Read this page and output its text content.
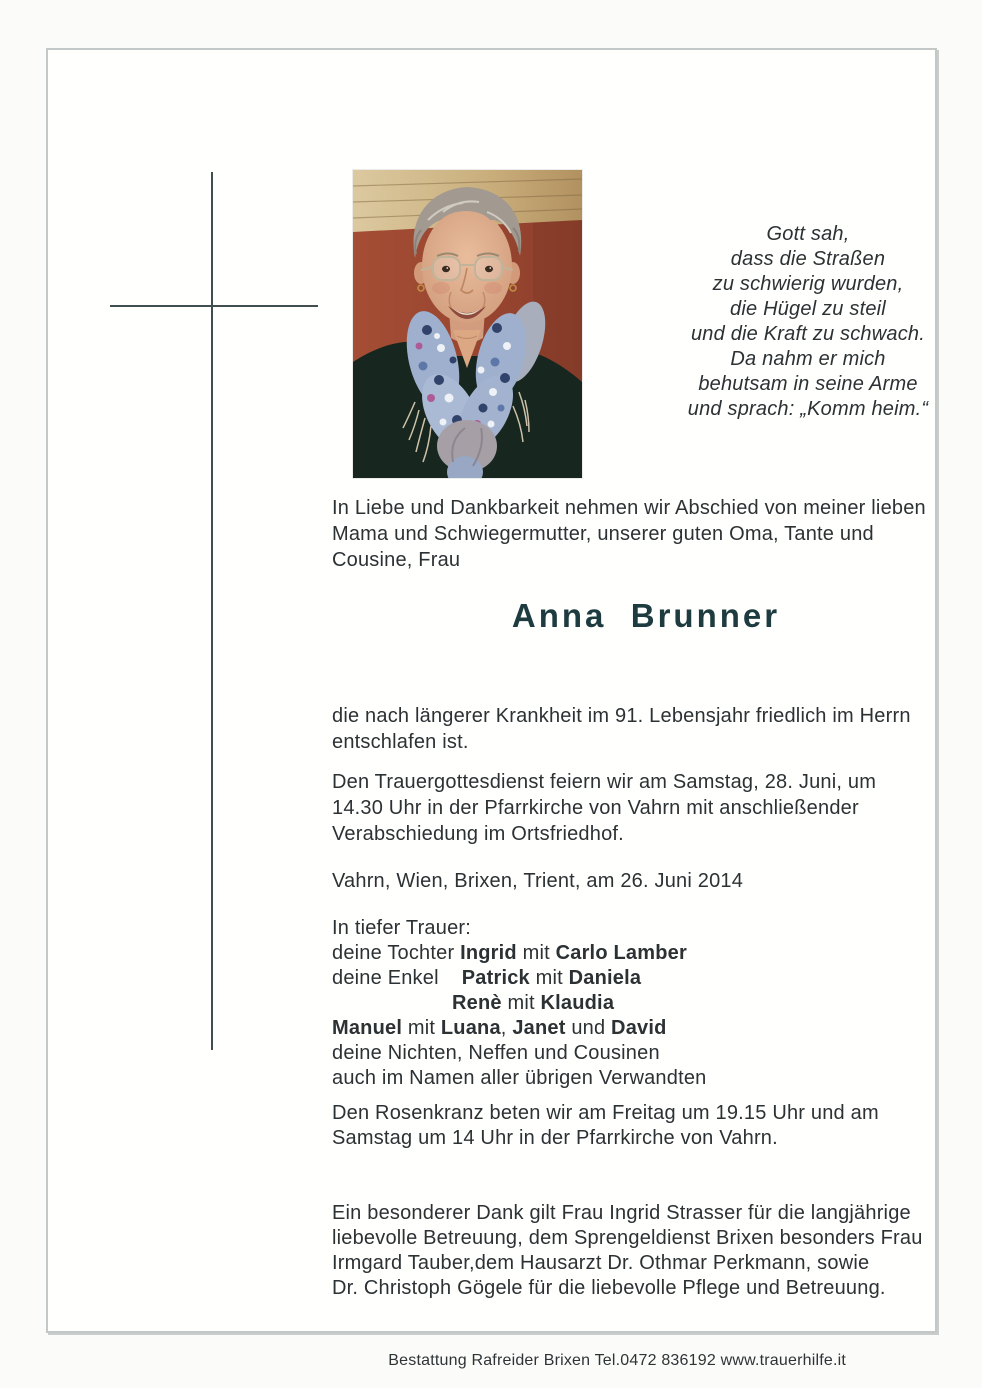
Gott sah,
dass die Straßen
zu schwierig wurden,
die Hügel zu steil
und die Kraft zu schwach.
Da nahm er mich
behutsam in seine Arme
und sprach: „Komm heim.“
In Liebe und Dankbarkeit nehmen wir Abschied von meiner lieben
Mama und Schwiegermutter, unserer guten Oma, Tante und
Cousine, Frau
Anna  Brunner
die nach längerer Krankheit im 91. Lebensjahr friedlich im Herrn
entschlafen ist.
Den Trauergottesdienst feiern wir am Samstag, 28. Juni, um
14.30 Uhr in der Pfarrkirche von Vahrn mit anschließender
Verabschiedung im Ortsfriedhof.
Vahrn, Wien, Brixen, Trient, am 26. Juni 2014
In tiefer Trauer:
deine Tochter Ingrid mit Carlo Lamber
deine Enkel    Patrick mit Daniela
Renè mit Klaudia
Manuel mit Luana, Janet und David
deine Nichten, Neffen und Cousinen
auch im Namen aller übrigen Verwandten
Den Rosenkranz beten wir am Freitag um 19.15 Uhr und am
Samstag um 14 Uhr in der Pfarrkirche von Vahrn.
Ein besonderer Dank gilt Frau Ingrid Strasser für die langjährige
liebevolle Betreuung, dem Sprengeldienst Brixen besonders Frau
Irmgard Tauber,dem Hausarzt Dr. Othmar Perkmann, sowie
Dr. Christoph Gögele für die liebevolle Pflege und Betreuung.
Bestattung Rafreider Brixen Tel.0472 836192 www.trauerhilfe.it
